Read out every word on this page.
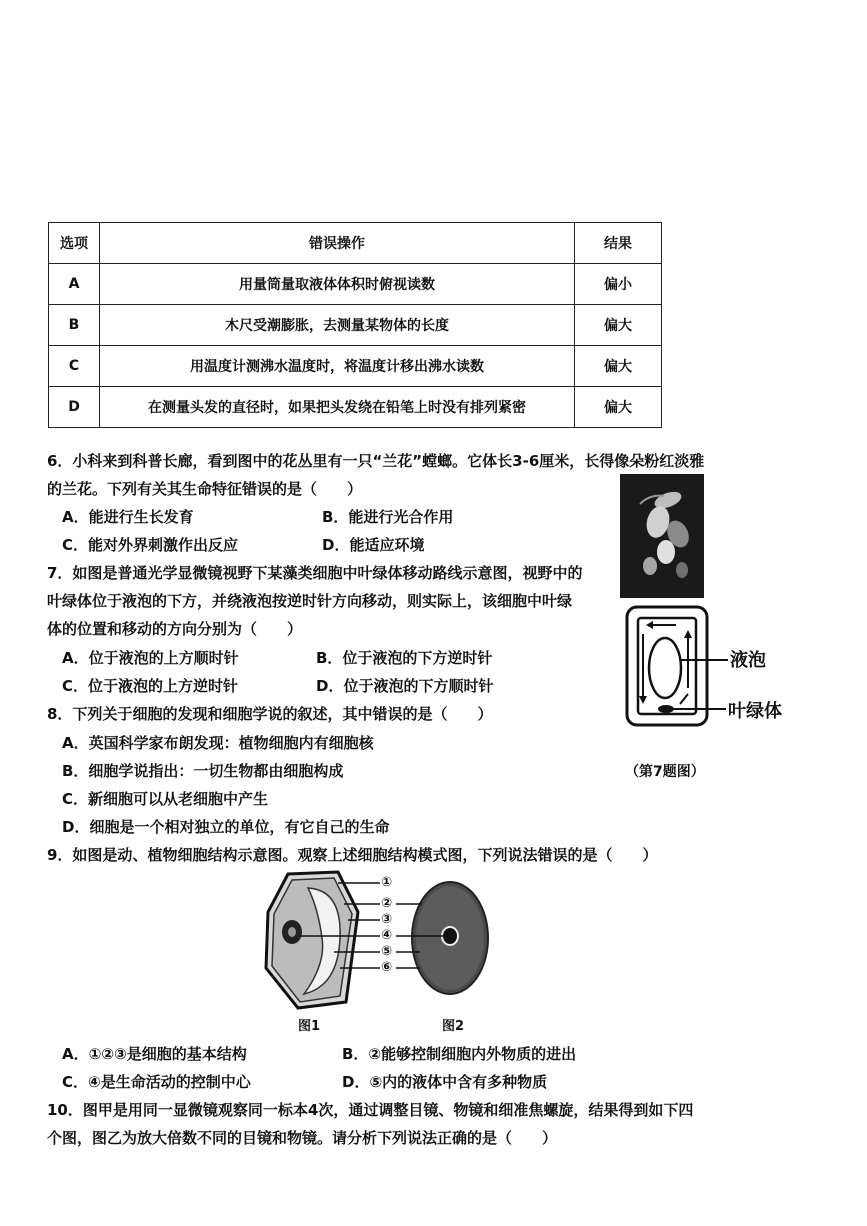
选项	错误操作	结果
A	用量筒量取液体体积时俯视读数	偏小
B	木尺受潮膨胀，去测量某物体的长度	偏大
C	用温度计测沸水温度时，将温度计移出沸水读数	偏大
D	在测量头发的直径时，如果把头发绕在铅笔上时没有排列紧密	偏大
6．小科来到科普长廊，看到图中的花丛里有一只“兰花”螳螂。它体长3-6厘米，长得像朵粉红淡雅
的兰花。下列有关其生命特征错误的是（　　）
A．能进行生长发育	B．能进行光合作用
C．能对外界刺激作出反应	D．能适应环境
7．如图是普通光学显微镜视野下某藻类细胞中叶绿体移动路线示意图，视野中的
叶绿体位于液泡的下方，并绕液泡按逆时针方向移动，则实际上，该细胞中叶绿
体的位置和移动的方向分别为（　　）
A．位于液泡的上方顺时针	B．位于液泡的下方逆时针
C．位于液泡的上方逆时针	D．位于液泡的下方顺时针
液泡
叶绿体
（第7题图）
8．下列关于细胞的发现和细胞学说的叙述，其中错误的是（　　）
A．英国科学家布朗发现：植物细胞内有细胞核
B．细胞学说指出：一切生物都由细胞构成
C．新细胞可以从老细胞中产生
D．细胞是一个相对独立的单位，有它自己的生命
9．如图是动、植物细胞结构示意图。观察上述细胞结构模式图，下列说法错误的是（　　）
①
②
③
④
⑤
⑥
图1	图2
A．①②③是细胞的基本结构	B．②能够控制细胞内外物质的进出
C．④是生命活动的控制中心	D．⑤内的液体中含有多种物质
10．图甲是用同一显微镜观察同一标本4次，通过调整目镜、物镜和细准焦螺旋，结果得到如下四
个图，图乙为放大倍数不同的目镜和物镜。请分析下列说法正确的是（　　）
